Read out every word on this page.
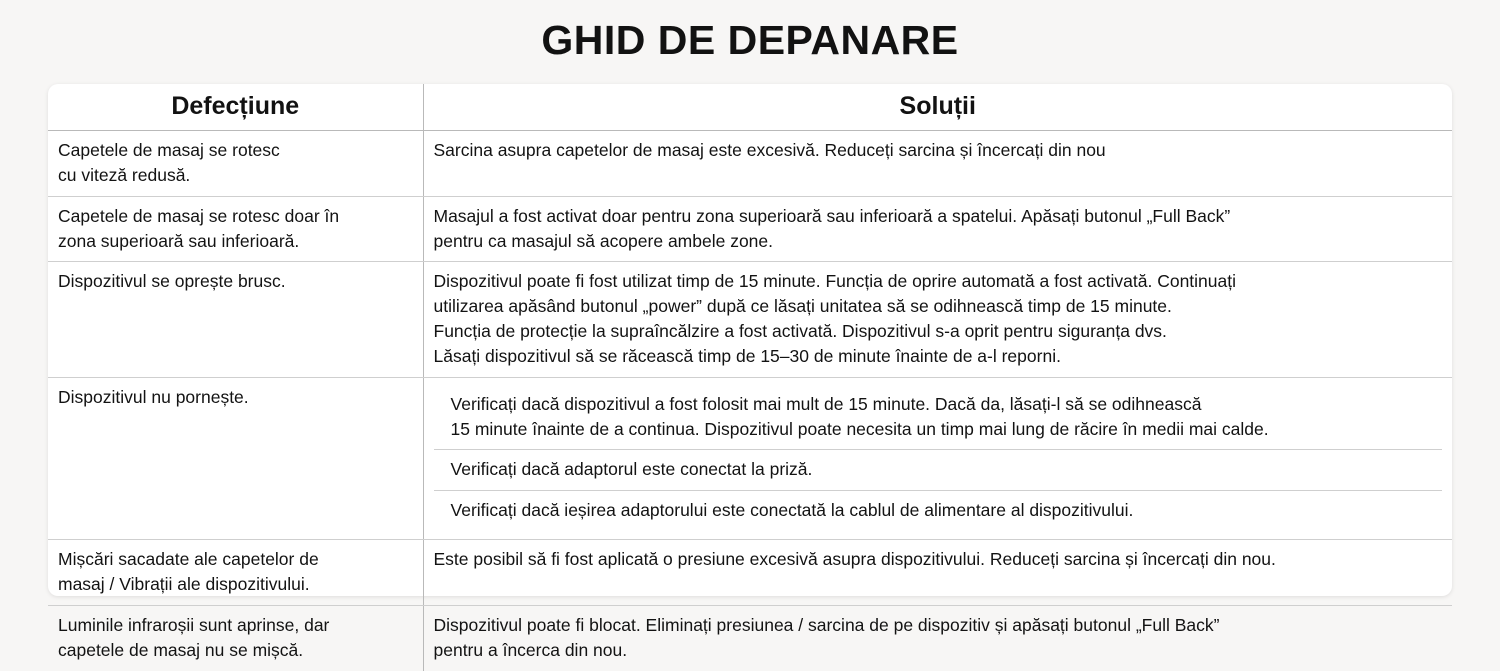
GHID DE DEPANARE
Defecțiune	Soluții

Capetele de masaj se rotesc
cu viteză redusă.	Sarcina asupra capetelor de masaj este excesivă. Reduceți sarcina și încercați din nou

Capetele de masaj se rotesc doar în
zona superioară sau inferioară.	Masajul a fost activat doar pentru zona superioară sau inferioară a spatelui. Apăsați butonul „Full Back”
pentru ca masajul să acopere ambele zone.

Dispozitivul se oprește brusc.	Dispozitivul poate fi fost utilizat timp de 15 minute. Funcția de oprire automată a fost activată. Continuați
utilizarea apăsând butonul „power” după ce lăsați unitatea să se odihnească timp de 15 minute.
Funcția de protecție la supraîncălzire a fost activată. Dispozitivul s-a oprit pentru siguranța dvs.
Lăsați dispozitivul să se răcească timp de 15–30 de minute înainte de a-l reporni.

Dispozitivul nu pornește.	Verificați dacă dispozitivul a fost folosit mai mult de 15 minute. Dacă da, lăsați-l să se odihnească
15 minute înainte de a continua. Dispozitivul poate necesita un timp mai lung de răcire în medii mai calde.
Verificați dacă adaptorul este conectat la priză.
Verificați dacă ieșirea adaptorului este conectată la cablul de alimentare al dispozitivului.

Mișcări sacadate ale capetelor de
masaj / Vibrații ale dispozitivului.	Este posibil să fi fost aplicată o presiune excesivă asupra dispozitivului. Reduceți sarcina și încercați din nou.

Luminile infraroșii sunt aprinse, dar
capetele de masaj nu se mișcă.	Dispozitivul poate fi blocat. Eliminați presiunea / sarcina de pe dispozitiv și apăsați butonul „Full Back”
pentru a încerca din nou.
